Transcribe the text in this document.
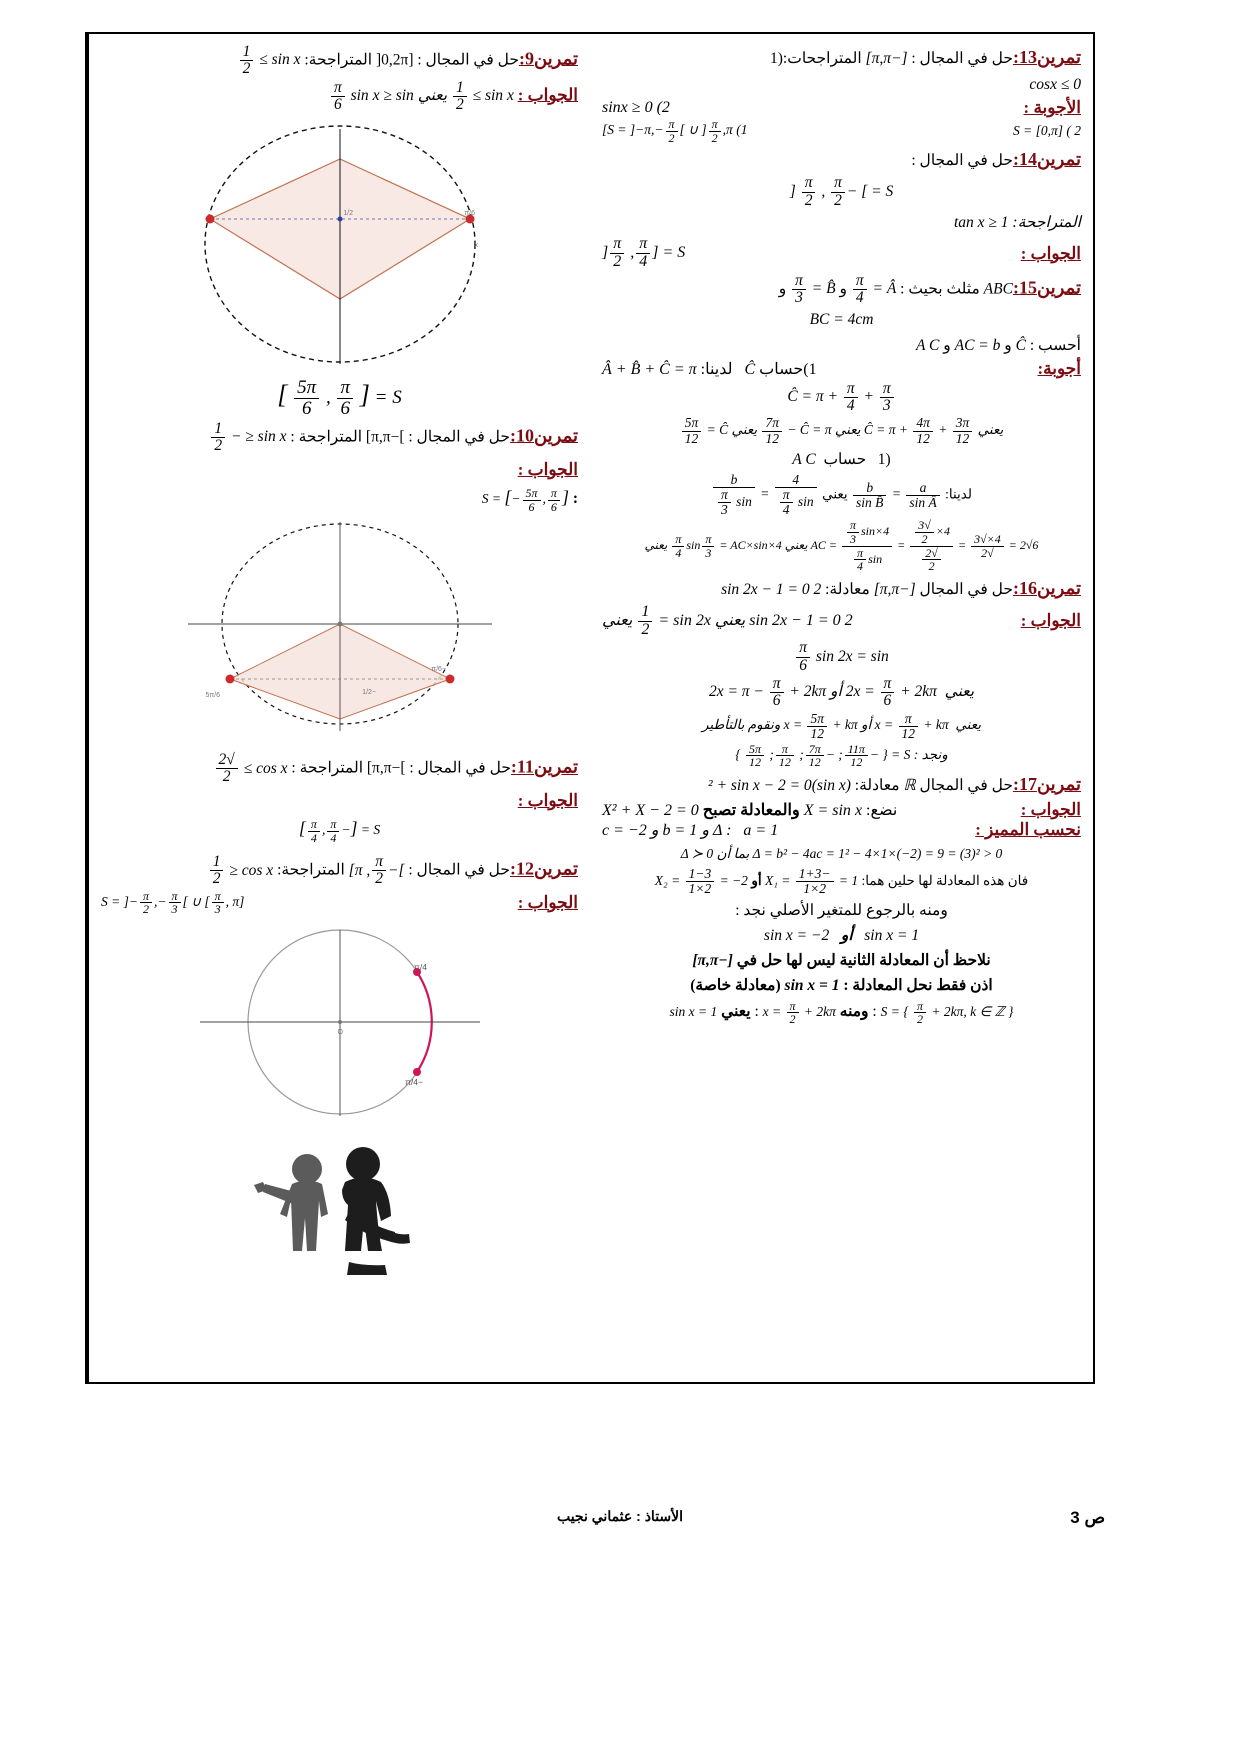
تمرين9:حل في المجال : [0,2π[ المتراجحة: sin x ≥
$\frac{1}{2}$
الجواب : sin x ≥
$\frac{1}{2}$
يعني sin x ≥ sin
$\frac{\pi}{6}$
π/6
1/2
x
S = [
$\frac{\pi}{6}$
,
$\frac{5\pi}{6}$
]
تمرين10:حل في المجال : ]−π,π] المتراجحة : sin x ≤ −
$\frac{1}{2}$
الجواب :
S = [− $\frac{5\pi}{6}$ , $\frac{\pi}{6}$ ] :
5π/6
−π/6
−1/2
تمرين11:حل في المجال : ]−π,π] المتراجحة : cos x ≥
$\frac{√2}{2}$
الجواب :
S = [−
$\frac{\pi}{4}$
,
$\frac{\pi}{4}$
]
تمرين12:حل في المجال : ]−
$\frac{\pi}{2}$
, π] المتراجحة: cos x ≤
$\frac{1}{2}$
الجواب :
S = ]− $\frac{\pi}{2}$ ,− $\frac{\pi}{3}$ [ ∪ [ $\frac{\pi}{3}$ , π]
π/4
−π/4
O
تمرين13:حل في المجال : [−π,π] المتراجحات:(1
cosx ≤ 0
الأجوبة :
2) sinx ≥ 0
2 ) S = [0,π]
1) S = ]−π,−
$\frac{\pi}{2}$ [ ∪ ] $\frac{\pi}{2}$
,π]
تمرين14:حل في المجال :
S = ] −
$\frac{\pi}{2}$
,
$\frac{\pi}{2}$
[
المتراجحة: tan x ≥ 1
الجواب :
S = [
$\frac{\pi}{4}$
,
$\frac{\pi}{2}$
[
تمرين15:ABC مثلث بحيث : Â =
$\frac{\pi}{4}$
و B̂ =
$\frac{\pi}{3}$
و
BC = 4cm
أحسب : Ĉ و AC = b و A C
أجوبة:
1)حساب Ĉ   لدينا: Â + B̂ + Ĉ = π
$\frac{\pi}{3}$
+
$\frac{\pi}{4}$
+ Ĉ = π
يعني
$\frac{3\pi}{12}$
+
$\frac{4\pi}{12}$
+ Ĉ = π يعني Ĉ = π −
$\frac{7\pi}{12}$
يعني Ĉ =
$\frac{5\pi}{12}$
(1   حساب  A C
لدينا:
$\frac{a}{\text{sin Â}}$
=
$\frac{b}{\text{sin B̂}}$
يعني
4
sin
$\frac{\pi}{4}$
=
b
sin
$\frac{\pi}{3}$
AC = 4×sin
$\frac{\pi}{3}$
sin
$\frac{\pi}{4} = 4\times$
$\frac{√3}{2}$
$\frac{√2}{2} = \frac{4\times√3}{√2}$
= 2√6 يعني 4×sin
$\frac{\pi}{3} = AC\times\sin$
$\frac{\pi}{4}$
يعني
تمرين16:حل في المجال [−π,π] معادلة: 2 sin 2x − 1 = 0
الجواب :
2 sin 2x − 1 = 0 يعني sin 2x =
$\frac{1}{2}$
يعني
sin 2x = sin
$\frac{\pi}{6}$
يعني  $2x = \frac{\pi}{6}$
+ 2kπ أو $2x = \pi - \frac{\pi}{6} + 2k\pi$
يعني  $x = \frac{\pi}{12}$
+ kπ أو $x = \frac{5\pi}{12}$
+ kπ ونقوم بالتأطير
ونجد : S = { −
$\frac{11\pi}{12}$
; −
$\frac{7\pi}{12}$
;
$\frac{\pi}{12}$
;
$\frac{5\pi}{12}$
}
تمرين17:حل في المجال ℝ معادلة: (sin x)² + sin x − 2 = 0
الجواب :
نضع: X = sin x والمعادلة تصبح X² + X − 2 = 0
نحسب المميز :
Δ :   a = 1 و b = 1 و c = −2
Δ = b² − 4ac = 1² − 4×1×(−2) = 9 = (3)² > 0 بما أن Δ ≻ 0
فان هذه المعادلة لها حلين هما: $X_1 = \frac{-1+3}{2\times 1} = 1$ أو $X_2 = \frac{1-3}{2\times 1} = -2$
ومنه بالرجوع للمتغير الأصلي نجد :
sin x = 1   أو   sin x = −2
نلاحظ أن المعادلة الثانية ليس لها حل في [−π,π]
اذن فقط نحل المعادلة : sin x = 1 (معادلة خاصة)
S = { $\frac{\pi}{2} + 2k\pi$, k ∈ ℤ } : ومنه $x = \frac{\pi}{2} + 2k\pi$ : يعني sin x = 1
الأستاذ : عثماني نجيب	ص 3
